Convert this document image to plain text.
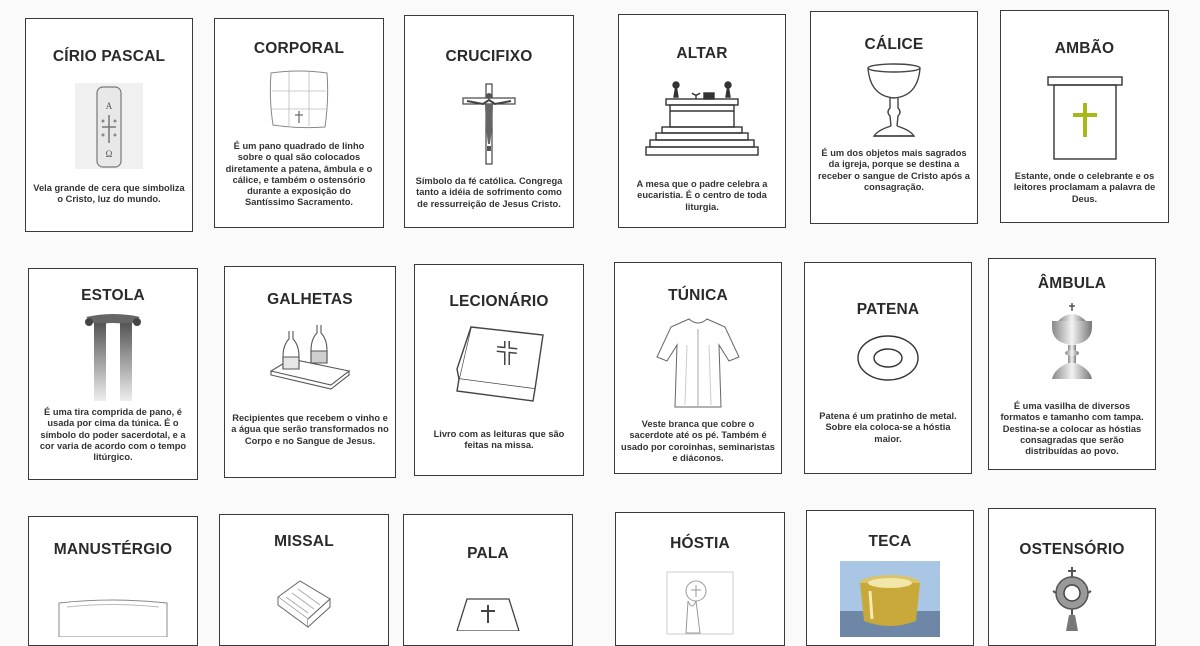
CÍRIO PASCAL
A
Ω
Vela grande de cera que simboliza o Cristo, luz do mundo.
CORPORAL
É um pano quadrado de linho sobre o qual são colocados diretamente a patena, âmbula e o cálice, e também o ostensório durante a exposição do Santíssimo Sacramento.
CRUCIFIXO
Símbolo da fé católica. Congrega tanto a idéia de sofrimento como de ressurreição de Jesus Cristo.
ALTAR
A mesa que o padre celebra a eucaristia. É o centro de toda liturgia.
CÁLICE
É um dos objetos mais sagrados da igreja, porque se destina a receber o sangue de Cristo após a consagração.
AMBÃO
Estante, onde o celebrante e os leitores proclamam a palavra de Deus.
ESTOLA
É uma tira comprida de pano, é usada por cima da túnica. É o símbolo do poder sacerdotal, e a cor varia de acordo com o tempo litúrgico.
GALHETAS
Recipientes que recebem o vinho e a água que serão transformados no Corpo e no Sangue de Jesus.
LECIONÁRIO
Livro com as leituras que são feitas na missa.
TÚNICA
Veste branca que cobre o sacerdote até os pé. Também é usado por coroinhas, seminaristas e diáconos.
PATENA
Patena é um pratinho de metal. Sobre ela coloca-se a hóstia maior.
ÂMBULA
É uma vasilha de diversos formatos e tamanho com tampa. Destina-se a colocar as hóstias consagradas que serão distribuídas ao povo.
MANUSTÉRGIO	MISSAL
PALA
HÓSTIA	TECA	OSTENSÓRIO
